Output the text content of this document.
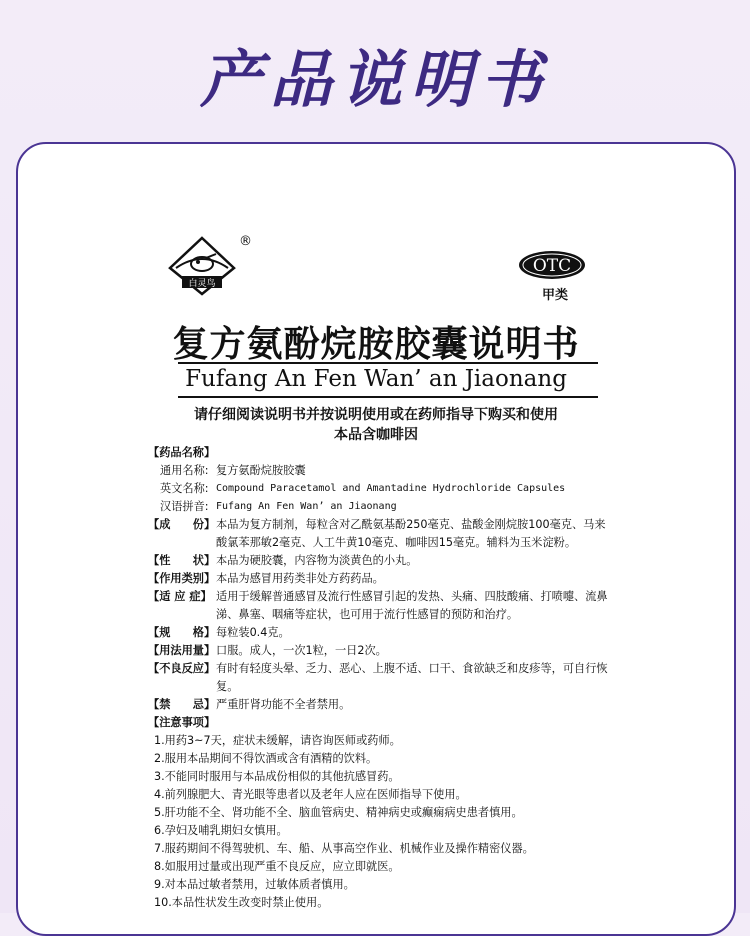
产品说明书
白灵鸟
®
OTC
甲类
复方氨酚烷胺胶囊说明书
Fufang An Fen Wan’ an Jiaonang
请仔细阅读说明书并按说明使用或在药师指导下购买和使用
本品含咖啡因
【药品名称】
通用名称: 复方氨酚烷胺胶囊
英文名称: Compound Paracetamol and Amantadine Hydrochloride Capsules
汉语拼音: Fufang An Fen Wan’ an Jiaonang
【成　　份】 本品为复方制剂，每粒含对乙酰氨基酚250毫克、盐酸金刚烷胺100毫克、马来酸氯苯那敏2毫克、人工牛黄10毫克、咖啡因15毫克。辅料为玉米淀粉。
【性　　状】 本品为硬胶囊，内容物为淡黄色的小丸。
【作用类别】 本品为感冒用药类非处方药药品。
【适 应 症】 适用于缓解普通感冒及流行性感冒引起的发热、头痛、四肢酸痛、打喷嚏、流鼻涕、鼻塞、咽痛等症状，也可用于流行性感冒的预防和治疗。
【规　　格】 每粒装0.4克。
【用法用量】 口服。成人，一次1粒，一日2次。
【不良反应】 有时有轻度头晕、乏力、恶心、上腹不适、口干、食欲缺乏和皮疹等，可自行恢复。
【禁　　忌】 严重肝肾功能不全者禁用。
【注意事项】
1.用药3~7天，症状未缓解，请咨询医师或药师。
2.服用本品期间不得饮酒或含有酒精的饮料。
3.不能同时服用与本品成份相似的其他抗感冒药。
4.前列腺肥大、青光眼等患者以及老年人应在医师指导下使用。
5.肝功能不全、肾功能不全、脑血管病史、精神病史或癫痫病史患者慎用。
6.孕妇及哺乳期妇女慎用。
7.服药期间不得驾驶机、车、船、从事高空作业、机械作业及操作精密仪器。
8.如服用过量或出现严重不良反应，应立即就医。
9.对本品过敏者禁用，过敏体质者慎用。
10.本品性状发生改变时禁止使用。
